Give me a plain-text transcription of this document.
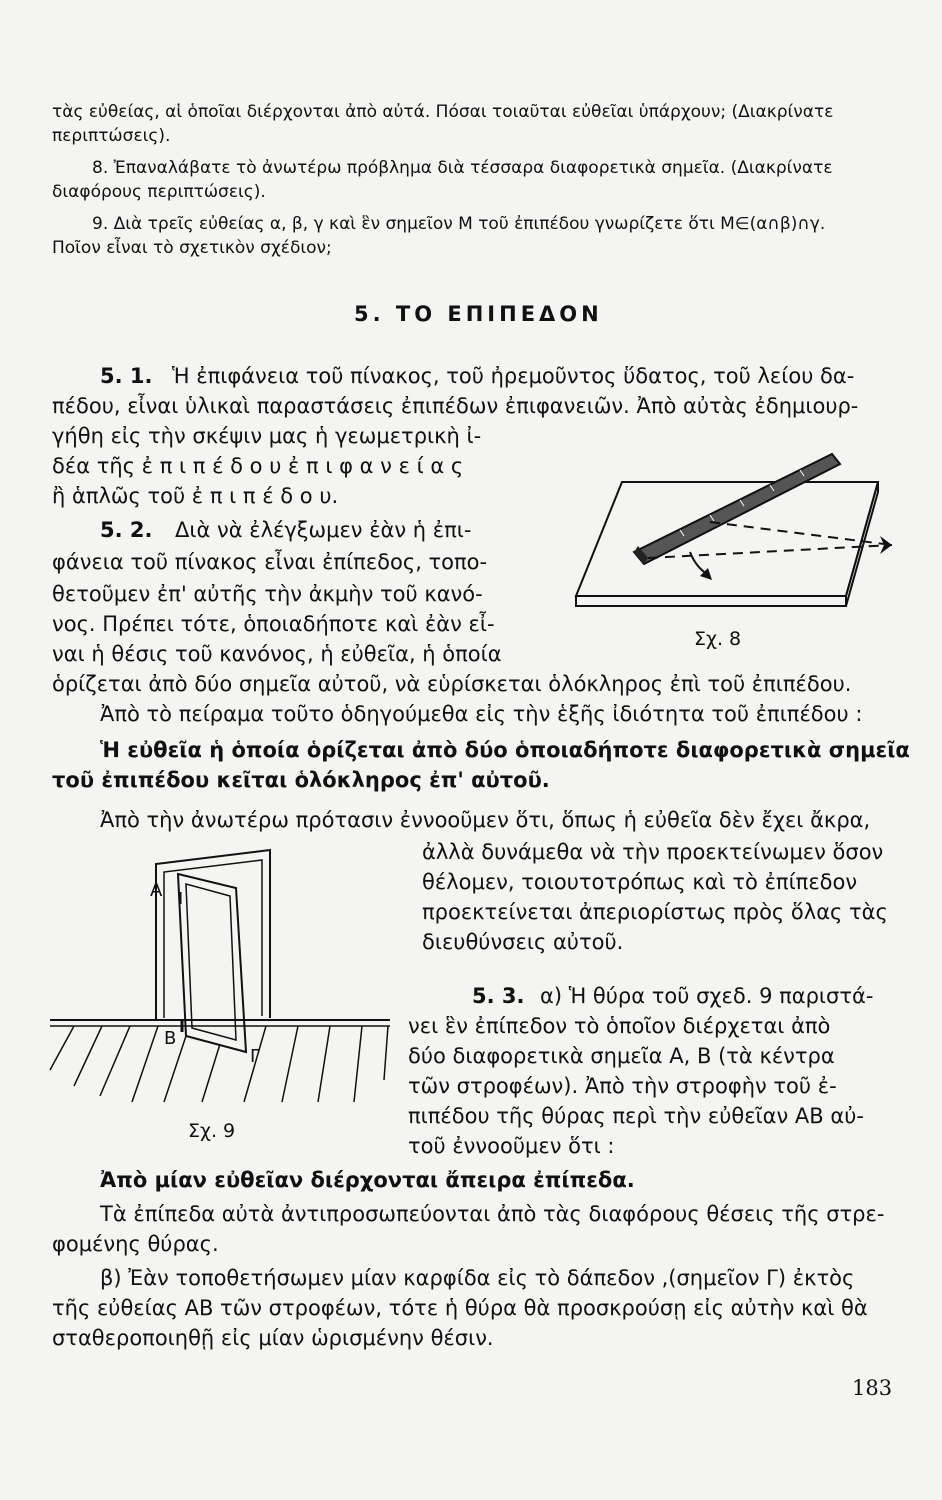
τὰς εὐθείας, αἱ ὁποῖαι διέρχονται ἀπὸ αὐτά. Πόσαι τοιαῦται εὐθεῖαι ὑπάρχουν; (Διακρίνατε
περιπτώσεις).
8. Ἐπαναλάβατε τὸ ἀνωτέρω πρόβλημα διὰ τέσσαρα διαφορετικὰ σημεῖα. (Διακρίνατε
διαφόρους περιπτώσεις).
9. Διὰ τρεῖς εὐθείας α, β, γ καὶ ἓν σημεῖον Μ τοῦ ἐπιπέδου γνωρίζετε ὅτι Μ∈(α∩β)∩γ.
Ποῖον εἶναι τὸ σχετικὸν σχέδιον;
5. ΤΟ ΕΠΙΠΕΔΟΝ
5. 1. Ἡ ἐπιφάνεια τοῦ πίνακος, τοῦ ἠρεμοῦντος ὕδατος, τοῦ λείου δα-
πέδου, εἶναι ὑλικαὶ παραστάσεις ἐπιπέδων ἐπιφανειῶν. Ἀπὸ αὐτὰς ἐδημιουρ-
γήθη εἰς τὴν σκέψιν μας ἡ γεωμετρικὴ ἰ-
δέα τῆς ἐ π ι π έ δ ο υ ἐ π ι φ α ν ε ί α ς
ἢ ἁπλῶς τοῦ ἐ π ι π έ δ ο υ.
5. 2. Διὰ νὰ ἐλέγξωμεν ἐὰν ἡ ἐπι-
φάνεια τοῦ πίνακος εἶναι ἐπίπεδος, τοπο-
θετοῦμεν ἐπ' αὐτῆς τὴν ἀκμὴν τοῦ κανό-
νος. Πρέπει τότε, ὁποιαδήποτε καὶ ἐὰν εἶ-
ναι ἡ θέσις τοῦ κανόνος, ἡ εὐθεῖα, ἡ ὁποία
ὁρίζεται ἀπὸ δύο σημεῖα αὐτοῦ, νὰ εὑρίσκεται ὁλόκληρος ἐπὶ τοῦ ἐπιπέδου.
Ἀπὸ τὸ πείραμα τοῦτο ὁδηγούμεθα εἰς τὴν ἑξῆς ἰδιότητα τοῦ ἐπιπέδου :
Ἡ εὐθεῖα ἡ ὁποία ὁρίζεται ἀπὸ δύο ὁποιαδήποτε διαφορετικὰ σημεῖα
τοῦ ἐπιπέδου κεῖται ὁλόκληρος ἐπ' αὐτοῦ.
Ἀπὸ τὴν ἀνωτέρω πρότασιν ἐννοοῦμεν ὅτι, ὅπως ἡ εὐθεῖα δὲν ἔχει ἄκρα,
ἀλλὰ δυνάμεθα νὰ τὴν προεκτείνωμεν ὅσον
θέλομεν, τοιουτοτρόπως καὶ τὸ ἐπίπεδον
προεκτείνεται ἀπεριορίστως πρὸς ὅλας τὰς
διευθύνσεις αὐτοῦ.
5. 3. α) Ἡ θύρα τοῦ σχεδ. 9 παριστά-
νει ἓν ἐπίπεδον τὸ ὁποῖον διέρχεται ἀπὸ
δύο διαφορετικὰ σημεῖα Α, Β (τὰ κέντρα
τῶν στροφέων). Ἀπὸ τὴν στροφὴν τοῦ ἐ-
πιπέδου τῆς θύρας περὶ τὴν εὐθεῖαν ΑΒ αὐ-
τοῦ ἐννοοῦμεν ὅτι :
Ἀπὸ μίαν εὐθεῖαν διέρχονται ἄπειρα ἐπίπεδα.
Τὰ ἐπίπεδα αὐτὰ ἀντιπροσωπεύονται ἀπὸ τὰς διαφόρους θέσεις τῆς στρε-
φομένης θύρας.
β) Ἐὰν τοποθετήσωμεν μίαν καρφίδα εἰς τὸ δάπεδον ,(σημεῖον Γ) ἐκτὸς
τῆς εὐθείας ΑΒ τῶν στροφέων, τότε ἡ θύρα θὰ προσκρούσῃ εἰς αὐτὴν καὶ θὰ
σταθεροποιηθῇ εἰς μίαν ὡρισμένην θέσιν.
183
Σχ. 8
Α
Β
Γ
Σχ. 9
